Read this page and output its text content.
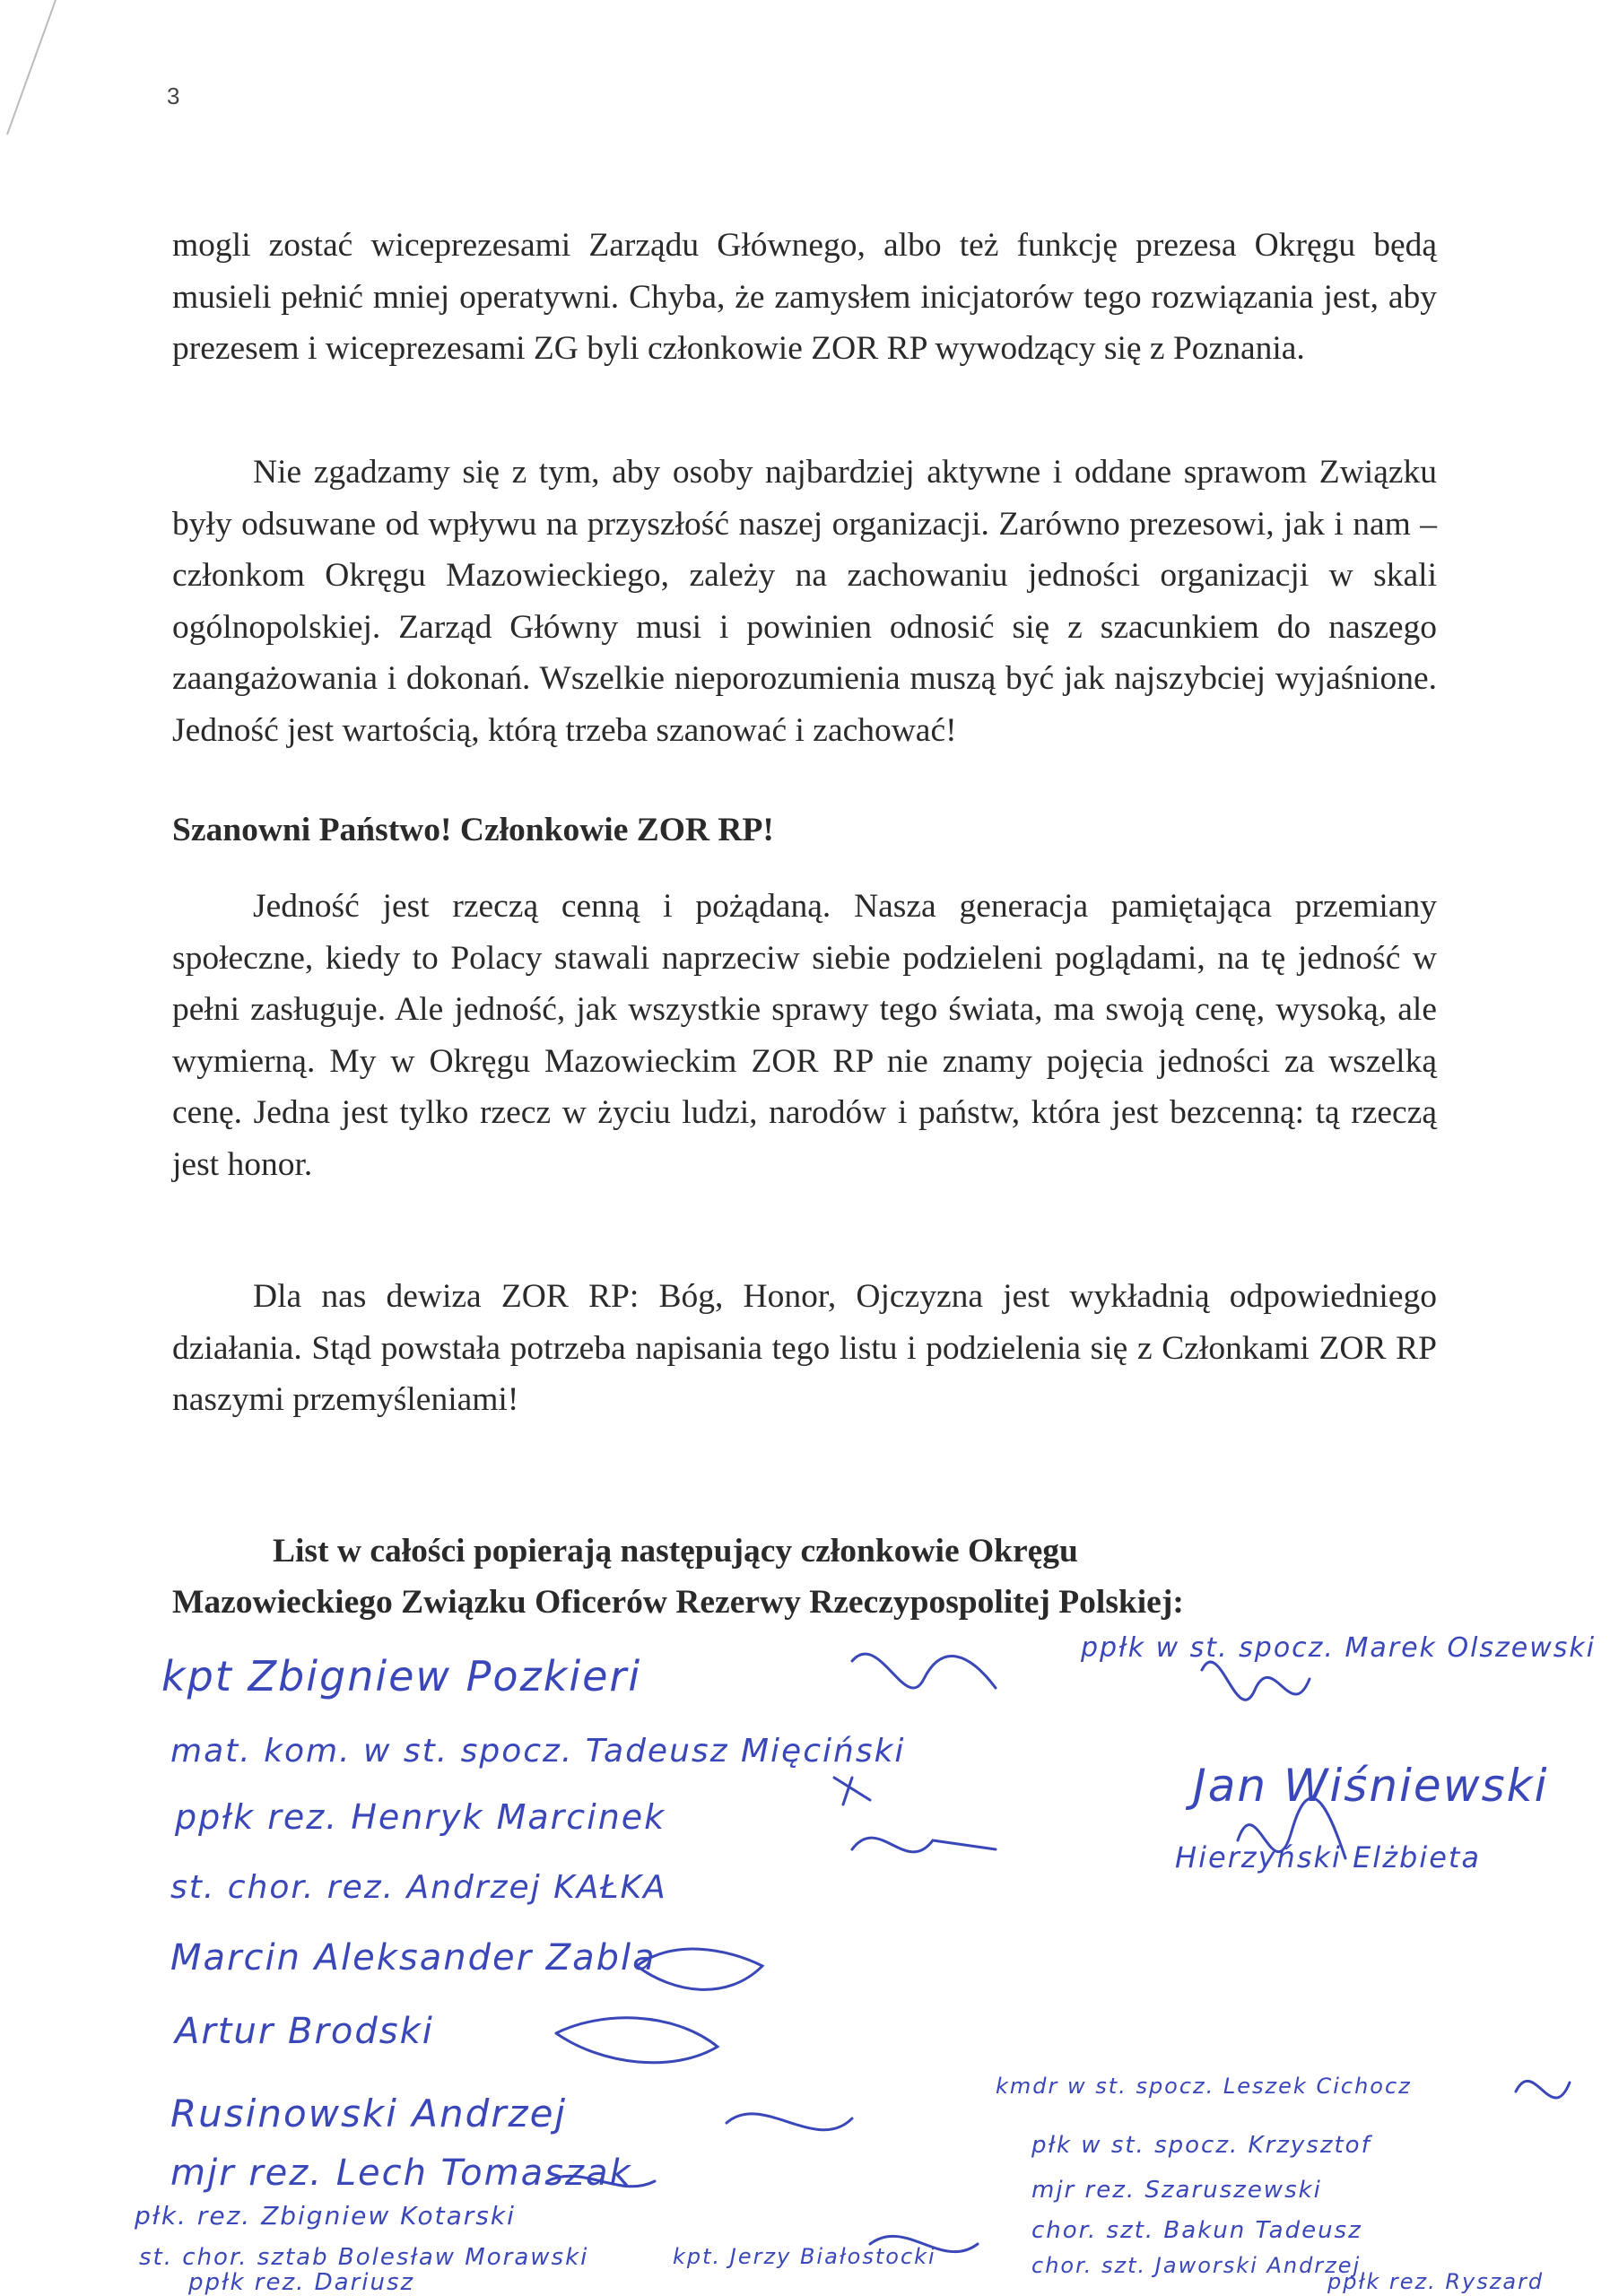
3
mogli zostać wiceprezesami Zarządu Głównego, albo też funkcję prezesa Okręgu będą musieli pełnić mniej operatywni. Chyba, że zamysłem inicjatorów tego rozwiązania jest, aby prezesem i wiceprezesami ZG byli członkowie ZOR RP wywodzący się z Poznania.
Nie zgadzamy się z tym, aby osoby najbardziej aktywne i oddane sprawom Związku były odsuwane od wpływu na przyszłość naszej organizacji. Zarówno prezesowi, jak i nam – członkom Okręgu Mazowieckiego, zależy na zachowaniu jedności organizacji w skali ogólnopolskiej. Zarząd Główny musi i powinien odnosić się z szacunkiem do naszego zaangażowania i dokonań. Wszelkie nieporozumienia muszą być jak najszybciej wyjaśnione. Jedność jest wartością, którą trzeba szanować i zachować!
Szanowni Państwo! Członkowie ZOR RP!
Jedność jest rzeczą cenną i pożądaną. Nasza generacja pamiętająca przemiany społeczne, kiedy to Polacy stawali naprzeciw siebie podzieleni poglądami, na tę jedność w pełni zasługuje. Ale jedność, jak wszystkie sprawy tego świata, ma swoją cenę, wysoką, ale wymierną. My w Okręgu Mazowieckim ZOR RP nie znamy pojęcia jedności za wszelką cenę. Jedna jest tylko rzecz w życiu ludzi, narodów i państw, która jest bezcenną: tą rzeczą jest honor.
Dla nas dewiza ZOR RP: Bóg, Honor, Ojczyzna jest wykładnią odpowiedniego działania. Stąd powstała potrzeba napisania tego listu i podzielenia się z Członkami ZOR RP naszymi przemyśleniami!
List w całości popierają następujący członkowie Okręgu
Mazowieckiego Związku Oficerów Rezerwy Rzeczypospolitej Polskiej:
kpt Zbigniew Pozkieri
ppłk w st. spocz. Marek Olszewski
mat. kom. w st. spocz. Tadeusz Mięciński
ppłk rez. Henryk Marcinek
Jan Wiśniewski
st. chor. rez. Andrzej KAŁKA
Hierzyński Elżbieta
Marcin Aleksander Zabla
Artur Brodski
Rusinowski Andrzej
kmdr w st. spocz. Leszek Cichocz
mjr rez. Lech Tomaszak
płk w st. spocz. Krzysztof
płk. rez. Zbigniew Kotarski
mjr rez. Szaruszewski
st. chor. sztab Bolesław Morawski
chor. szt. Bakun Tadeusz
kpt. Jerzy Białostocki	chor. szt. Jaworski Andrzej
ppłk rez. Dariusz	ppłk rez. Ryszard
